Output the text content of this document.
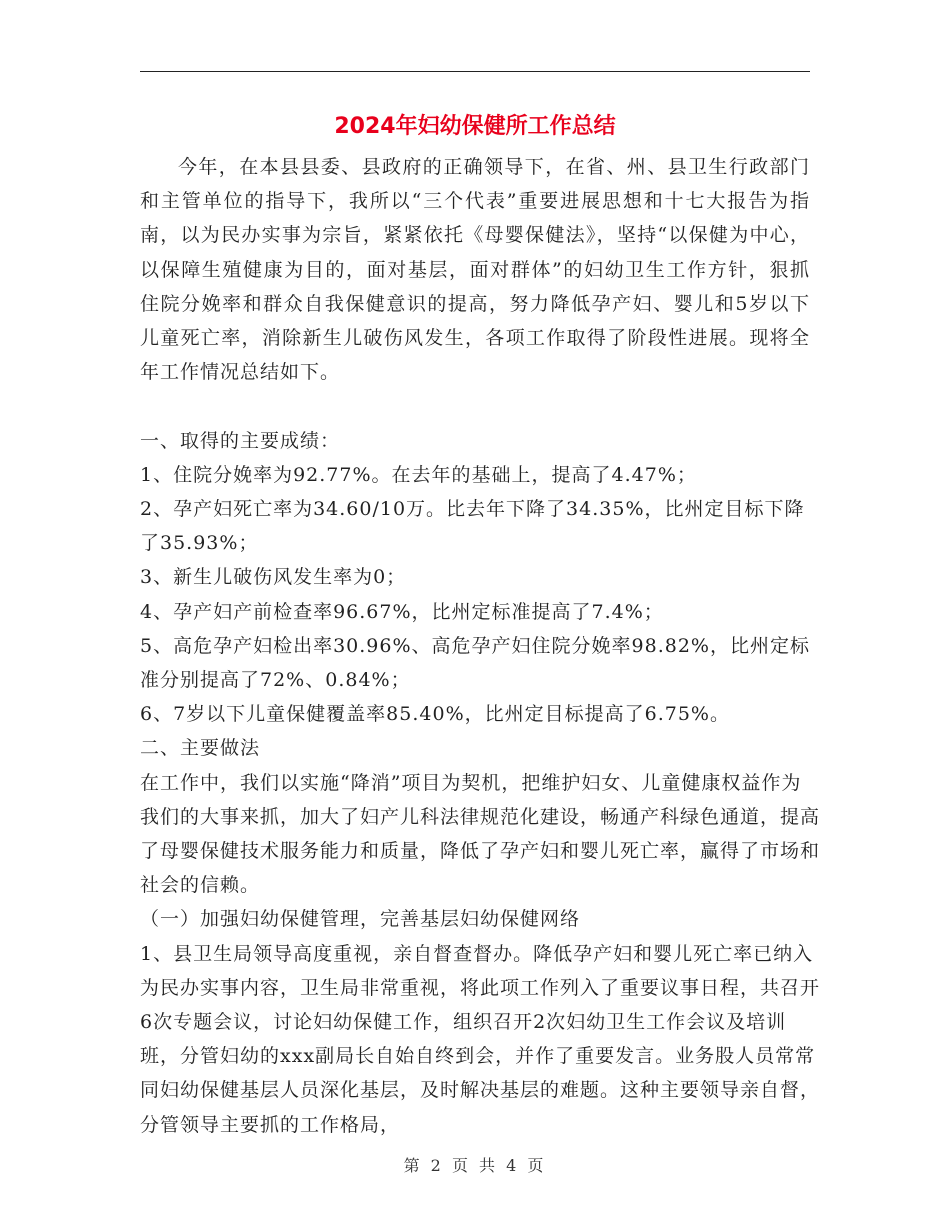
2024年妇幼保健所工作总结

今年，在本县县委、县政府的正确领导下，在省、州、县卫生行政部门和主管单位的指导下，我所以“三个代表”重要进展思想和十七大报告为指南，以为民办实事为宗旨，紧紧依托《母婴保健法》，坚持“以保健为中心，以保障生殖健康为目的，面对基层，面对群体”的妇幼卫生工作方针，狠抓住院分娩率和群众自我保健意识的提高，努力降低孕产妇、婴儿和5岁以下儿童死亡率，消除新生儿破伤风发生，各项工作取得了阶段性进展。现将全年工作情况总结如下。

一、取得的主要成绩：

1、住院分娩率为92.77%。在去年的基础上，提高了4.47%；

2、孕产妇死亡率为34.60/10万。比去年下降了34.35%，比州定目标下降了35.93%；

3、新生儿破伤风发生率为0；

4、孕产妇产前检查率96.67%，比州定标准提高了7.4%；

5、高危孕产妇检出率30.96%、高危孕产妇住院分娩率98.82%，比州定标准分别提高了72%、0.84%；

6、7岁以下儿童保健覆盖率85.40%，比州定目标提高了6.75%。

二、主要做法

在工作中，我们以实施“降消”项目为契机，把维护妇女、儿童健康权益作为我们的大事来抓，加大了妇产儿科法律规范化建设，畅通产科绿色通道，提高了母婴保健技术服务能力和质量，降低了孕产妇和婴儿死亡率，赢得了市场和社会的信赖。

（一）加强妇幼保健管理，完善基层妇幼保健网络

1、县卫生局领导高度重视，亲自督查督办。降低孕产妇和婴儿死亡率已纳入为民办实事内容，卫生局非常重视，将此项工作列入了重要议事日程，共召开6次专题会议，讨论妇幼保健工作，组织召开2次妇幼卫生工作会议及培训班，分管妇幼的xxx副局长自始自终到会，并作了重要发言。业务股人员常常同妇幼保健基层人员深化基层，及时解决基层的难题。这种主要领导亲自督，分管领导主要抓的工作格局，

第 2 页 共 4 页
